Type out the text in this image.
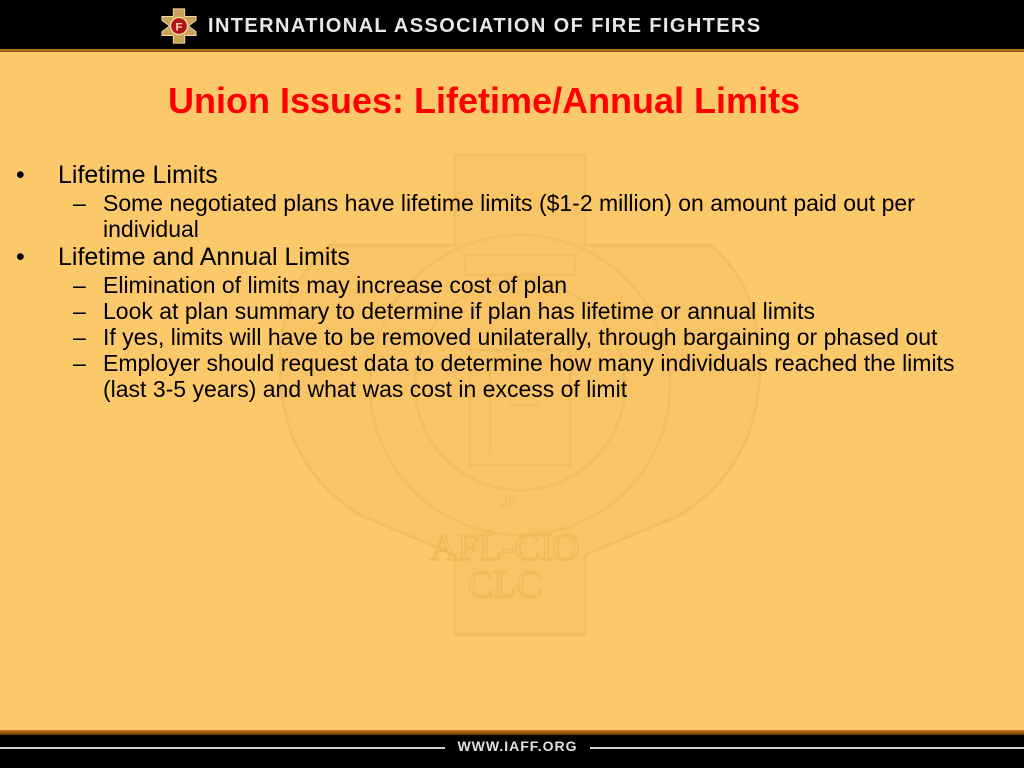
F INTERNATIONAL ASSOCIATION OF FIRE FIGHTERS
26
AFL-CIO
CLC
Union Issues: Lifetime/Annual Limits
•	Lifetime Limits
– Some negotiated plans have lifetime limits ($1-2 million) on amount paid out per individual
•	Lifetime and Annual Limits
– Elimination of limits may increase cost of plan
– Look at plan summary to determine if plan has lifetime or annual limits
– If yes, limits will have to be removed unilaterally, through bargaining or phased out
– Employer should request data to determine how many individuals reached the limits (last 3-5 years) and what was cost in excess of limit
WWW.IAFF.ORG
